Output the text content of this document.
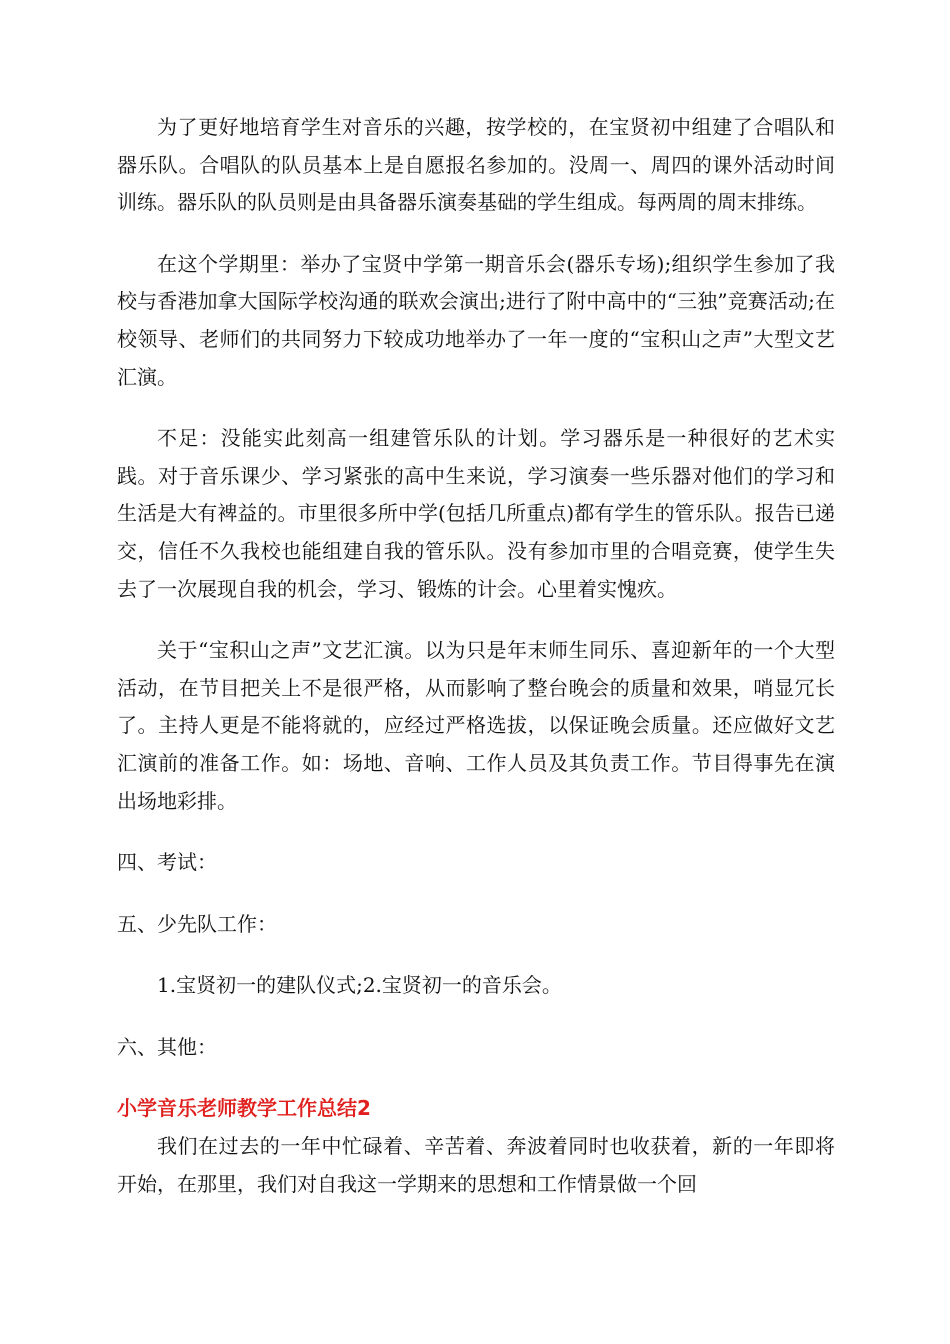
为了更好地培育学生对音乐的兴趣，按学校的，在宝贤初中组建了合唱队和器乐队。合唱队的队员基本上是自愿报名参加的。没周一、周四的课外活动时间训练。器乐队的队员则是由具备器乐演奏基础的学生组成。每两周的周末排练。

在这个学期里：举办了宝贤中学第一期音乐会(器乐专场);组织学生参加了我校与香港加拿大国际学校沟通的联欢会演出;进行了附中高中的“三独”竞赛活动;在校领导、老师们的共同努力下较成功地举办了一年一度的“宝积山之声”大型文艺汇演。

不足：没能实此刻高一组建管乐队的计划。学习器乐是一种很好的艺术实践。对于音乐课少、学习紧张的高中生来说，学习演奏一些乐器对他们的学习和生活是大有裨益的。市里很多所中学(包括几所重点)都有学生的管乐队。报告已递交，信任不久我校也能组建自我的管乐队。没有参加市里的合唱竞赛，使学生失去了一次展现自我的机会，学习、锻炼的计会。心里着实愧疚。

关于“宝积山之声”文艺汇演。以为只是年末师生同乐、喜迎新年的一个大型活动，在节目把关上不是很严格，从而影响了整台晚会的质量和效果，哨显冗长了。主持人更是不能将就的，应经过严格选拔，以保证晚会质量。还应做好文艺汇演前的准备工作。如：场地、音响、工作人员及其负责工作。节目得事先在演出场地彩排。

四、考试：

五、少先队工作：

1.宝贤初一的建队仪式;2.宝贤初一的音乐会。

六、其他：

小学音乐老师教学工作总结2

我们在过去的一年中忙碌着、辛苦着、奔波着同时也收获着，新的一年即将开始，在那里，我们对自我这一学期来的思想和工作情景做一个回
